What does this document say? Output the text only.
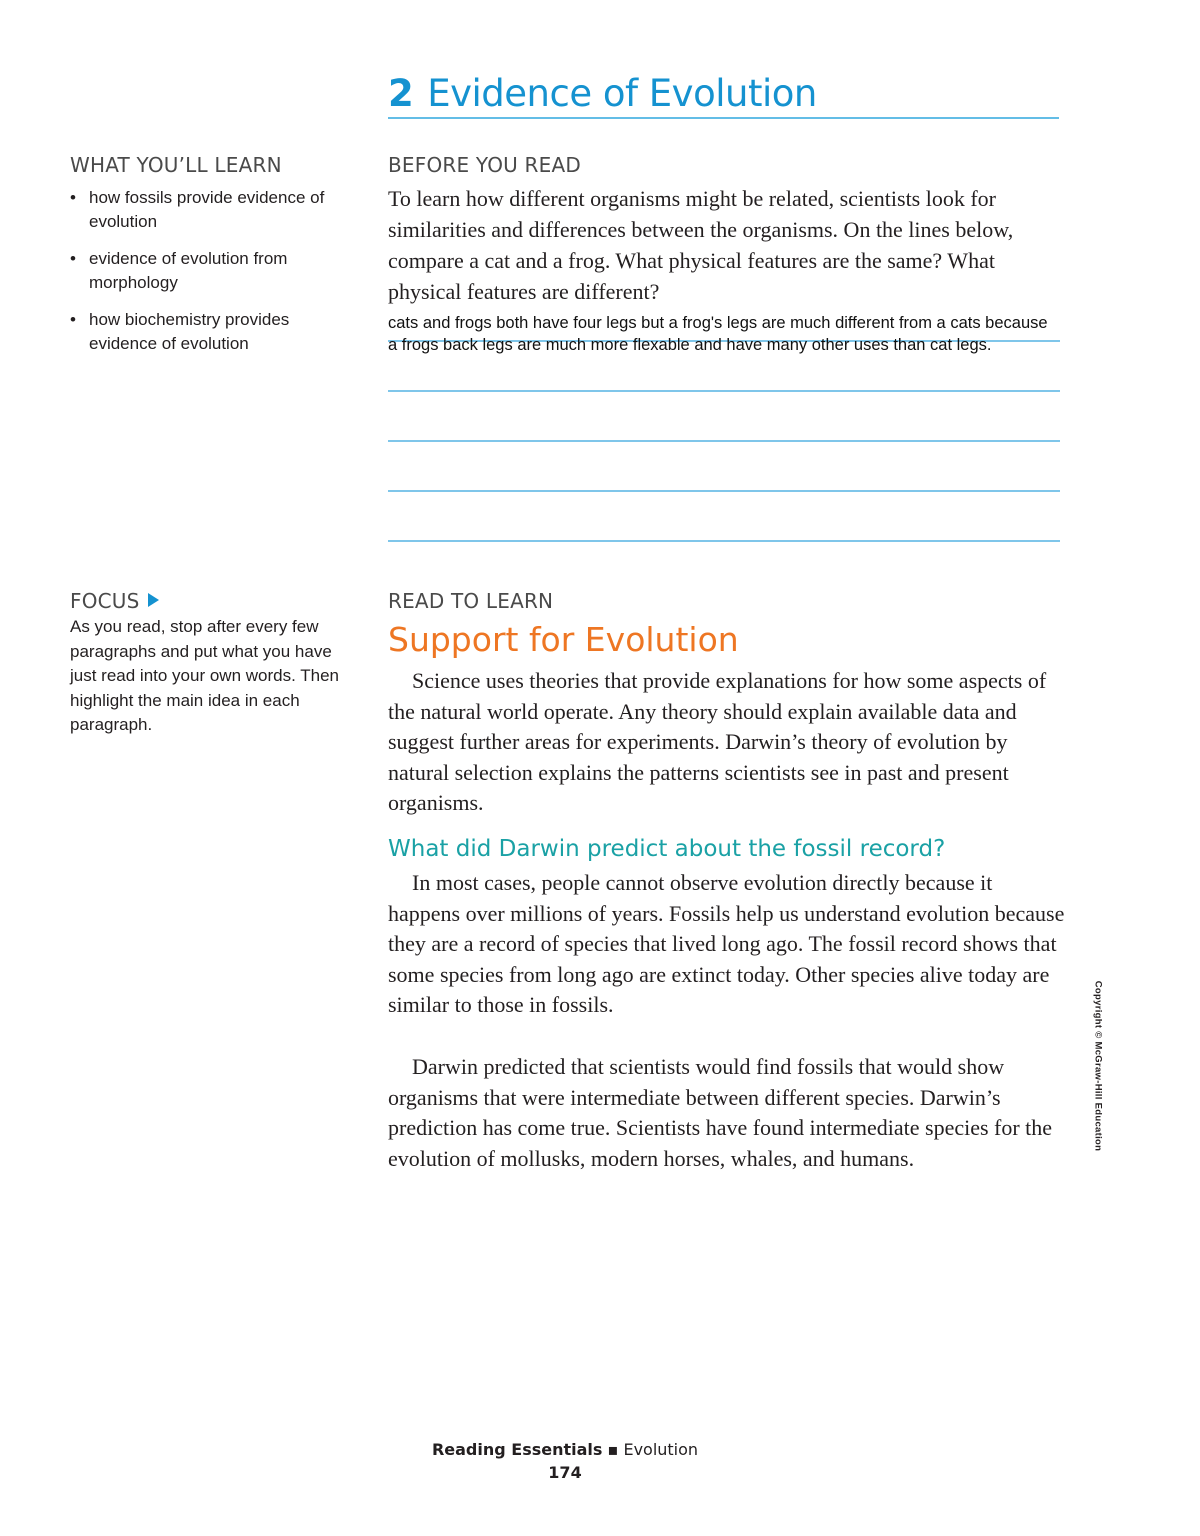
2 Evidence of Evolution
WHAT YOU’LL LEARN
• how fossils provide evidence of evolution
• evidence of evolution from morphology
• how biochemistry provides evidence of evolution
FOCUS
As you read, stop after every few paragraphs and put what you have just read into your own words. Then highlight the main idea in each paragraph.
BEFORE YOU READ
To learn how different organisms might be related, scientists look for similarities and differences between the organisms. On the lines below, compare a cat and a frog. What physical features are the same? What physical features are different?
cats and frogs both have four legs but a frog's legs are much different from a cats because a frogs back legs are much more flexable and have many other uses than cat legs.
READ TO LEARN
Support for Evolution

Science uses theories that provide explanations for how some aspects of the natural world operate. Any theory should explain available data and suggest further areas for experiments. Darwin’s theory of evolution by natural selection explains the patterns scientists see in past and present organisms.

What did Darwin predict about the fossil record?

In most cases, people cannot observe evolution directly because it happens over millions of years. Fossils help us understand evolution because they are a record of species that lived long ago. The fossil record shows that some species from long ago are extinct today. Other species alive today are similar to those in fossils.

Darwin predicted that scientists would find fossils that would show organisms that were intermediate between different species. Darwin’s prediction has come true. Scientists have found intermediate species for the evolution of mollusks, modern horses, whales, and humans.

Copyright © McGraw-Hill Education
Reading Essentials ▪ Evolution
174
